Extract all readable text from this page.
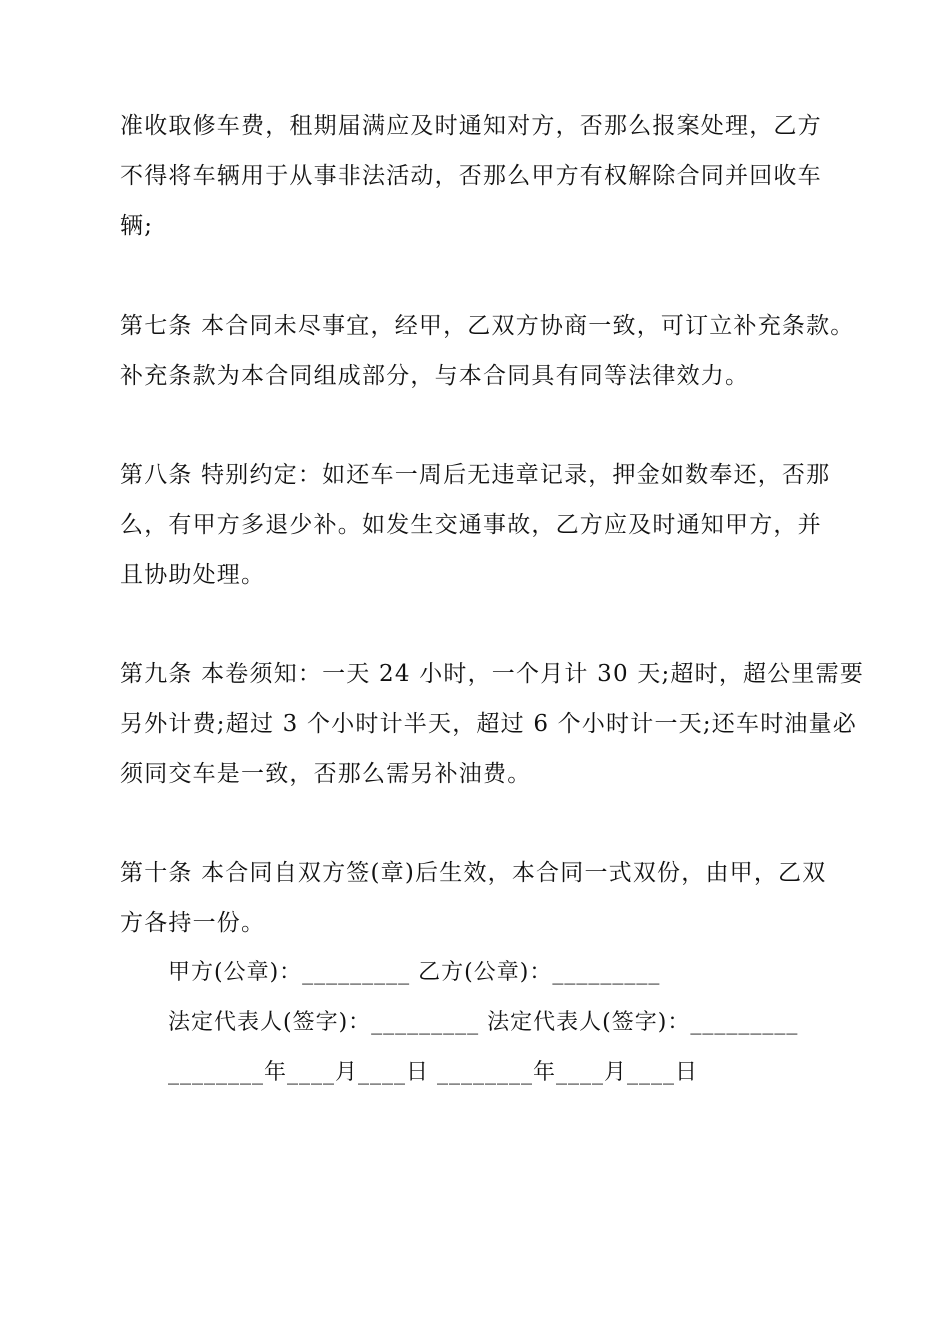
准收取修车费，租期届满应及时通知对方，否那么报案处理，乙方
不得将车辆用于从事非法活动，否那么甲方有权解除合同并回收车
辆;
第七条 本合同未尽事宜，经甲，乙双方协商一致，可订立补充条款。
补充条款为本合同组成部分，与本合同具有同等法律效力。
第八条 特别约定：如还车一周后无违章记录，押金如数奉还，否那
么，有甲方多退少补。如发生交通事故，乙方应及时通知甲方，并
且协助处理。
第九条 本卷须知：一天 24 小时，一个月计 30 天;超时，超公里需要
另外计费;超过 3 个小时计半天，超过 6 个小时计一天;还车时油量必
须同交车是一致，否那么需另补油费。
第十条 本合同自双方签(章)后生效，本合同一式双份，由甲，乙双
方各持一份。
甲方(公章)：_________ 乙方(公章)：_________
法定代表人(签字)：_________ 法定代表人(签字)：_________
________年____月____日 ________年____月____日
